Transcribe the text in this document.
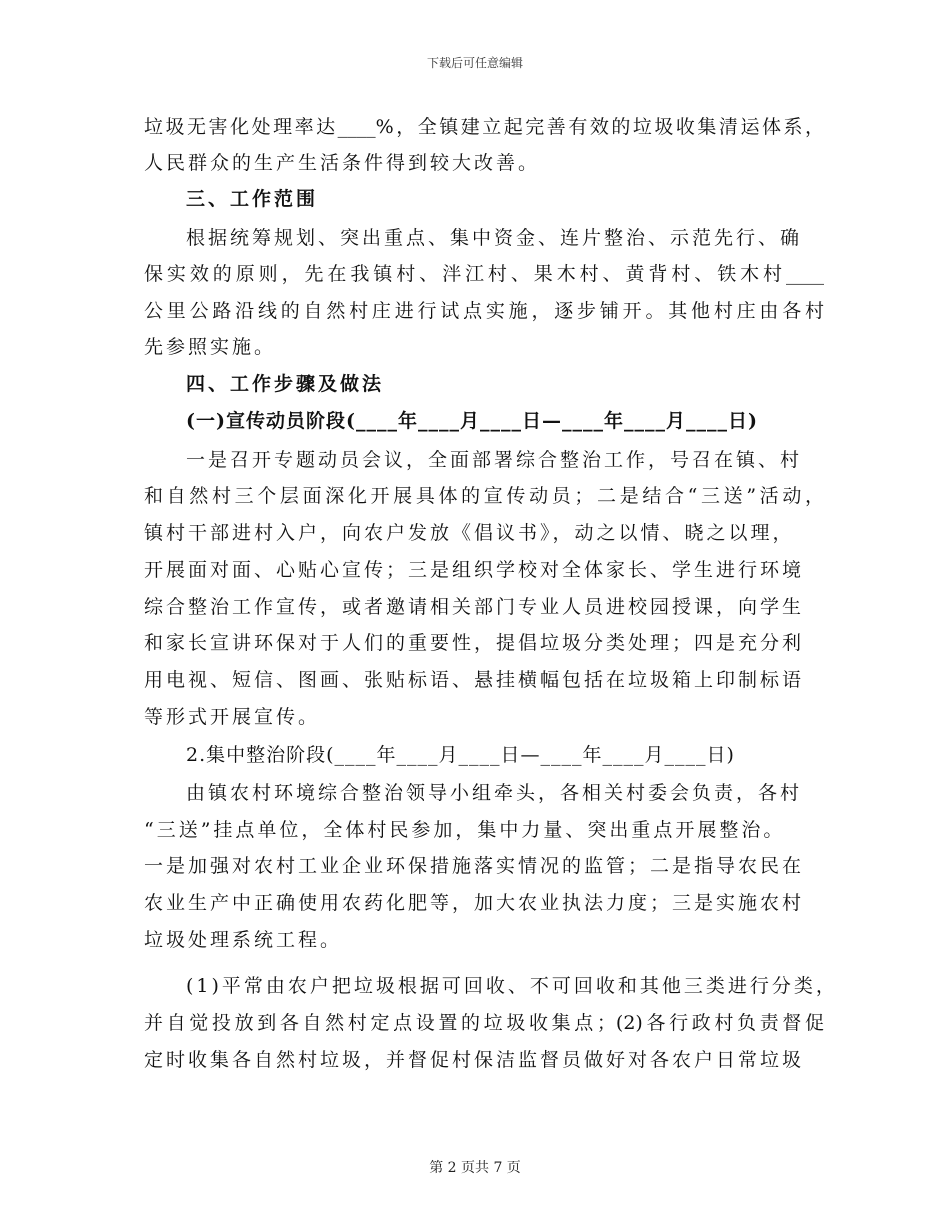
下载后可任意编辑
垃圾无害化处理率达____%，全镇建立起完善有效的垃圾收集清运体系，
人民群众的生产生活条件得到较大改善。
三、工作范围
根据统筹规划、突出重点、集中资金、连片整治、示范先行、确
保实效的原则，先在我镇村、泮江村、果木村、黄背村、铁木村____
公里公路沿线的自然村庄进行试点实施，逐步铺开。其他村庄由各村
先参照实施。
四、工作步骤及做法
(一)宣传动员阶段(____年____月____日—____年____月____日)
一是召开专题动员会议，全面部署综合整治工作，号召在镇、村
和自然村三个层面深化开展具体的宣传动员；二是结合“三送”活动，
镇村干部进村入户，向农户发放《倡议书》，动之以情、晓之以理，
开展面对面、心贴心宣传；三是组织学校对全体家长、学生进行环境
综合整治工作宣传，或者邀请相关部门专业人员进校园授课，向学生
和家长宣讲环保对于人们的重要性，提倡垃圾分类处理；四是充分利
用电视、短信、图画、张贴标语、悬挂横幅包括在垃圾箱上印制标语
等形式开展宣传。
2.集中整治阶段(____年____月____日—____年____月____日)
由镇农村环境综合整治领导小组牵头，各相关村委会负责，各村
“三送”挂点单位，全体村民参加，集中力量、突出重点开展整治。
一是加强对农村工业企业环保措施落实情况的监管；二是指导农民在
农业生产中正确使用农药化肥等，加大农业执法力度；三是实施农村
垃圾处理系统工程。
(1)平常由农户把垃圾根据可回收、不可回收和其他三类进行分类，
并自觉投放到各自然村定点设置的垃圾收集点；(2)各行政村负责督促
定时收集各自然村垃圾，并督促村保洁监督员做好对各农户日常垃圾
第 2 页共 7 页
